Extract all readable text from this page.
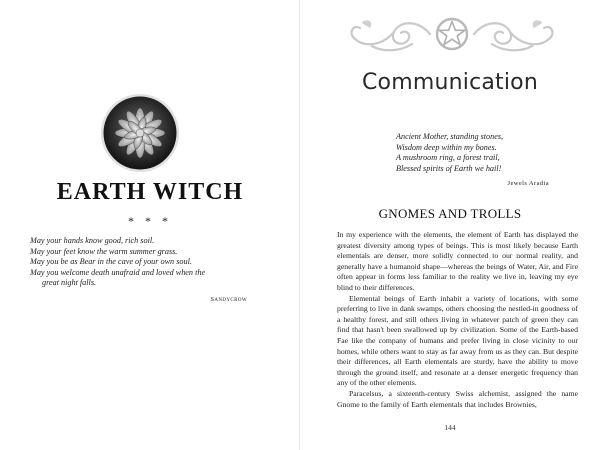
EARTH WITCH
* * *
May your hands know good, rich soil.
May your feet know the warm summer grass.
May you be as Bear in the cave of your own soul.
May you welcome death unafraid and loved when the
great night falls.
Sandycrow
Communication
Ancient Mother, standing stones,
Wisdom deep within my bones.
A mushroom ring, a forest trail,
Blessed spirits of Earth we hail!
Jewels Aradia
GNOMES AND TROLLS

In my experience with the elements, the element of Earth has displayed the greatest diversity among types of beings. This is most likely because Earth elementals are denser, more solidly connected to our normal reality, and generally have a humanoid shape—whereas the beings of Water, Air, and Fire often appear in forms less familiar to the reality we live in, leaving my eye blind to their differences.

Elemental beings of Earth inhabit a variety of locations, with some preferring to live in dank swamps, others choosing the nestled-in goodness of a healthy forest, and still others living in whatever patch of green they can find that hasn't been swallowed up by civilization. Some of the Earth-based Fae like the company of humans and prefer living in close vicinity to our homes, while others want to stay as far away from us as they can. But despite their differences, all Earth elementals are sturdy, have the ability to move through the ground itself, and resonate at a denser energetic frequency than any of the other elements.

Paracelsus, a sixteenth-century Swiss alchemist, assigned the name Gnome to the family of Earth elementals that includes Brownies,

144
